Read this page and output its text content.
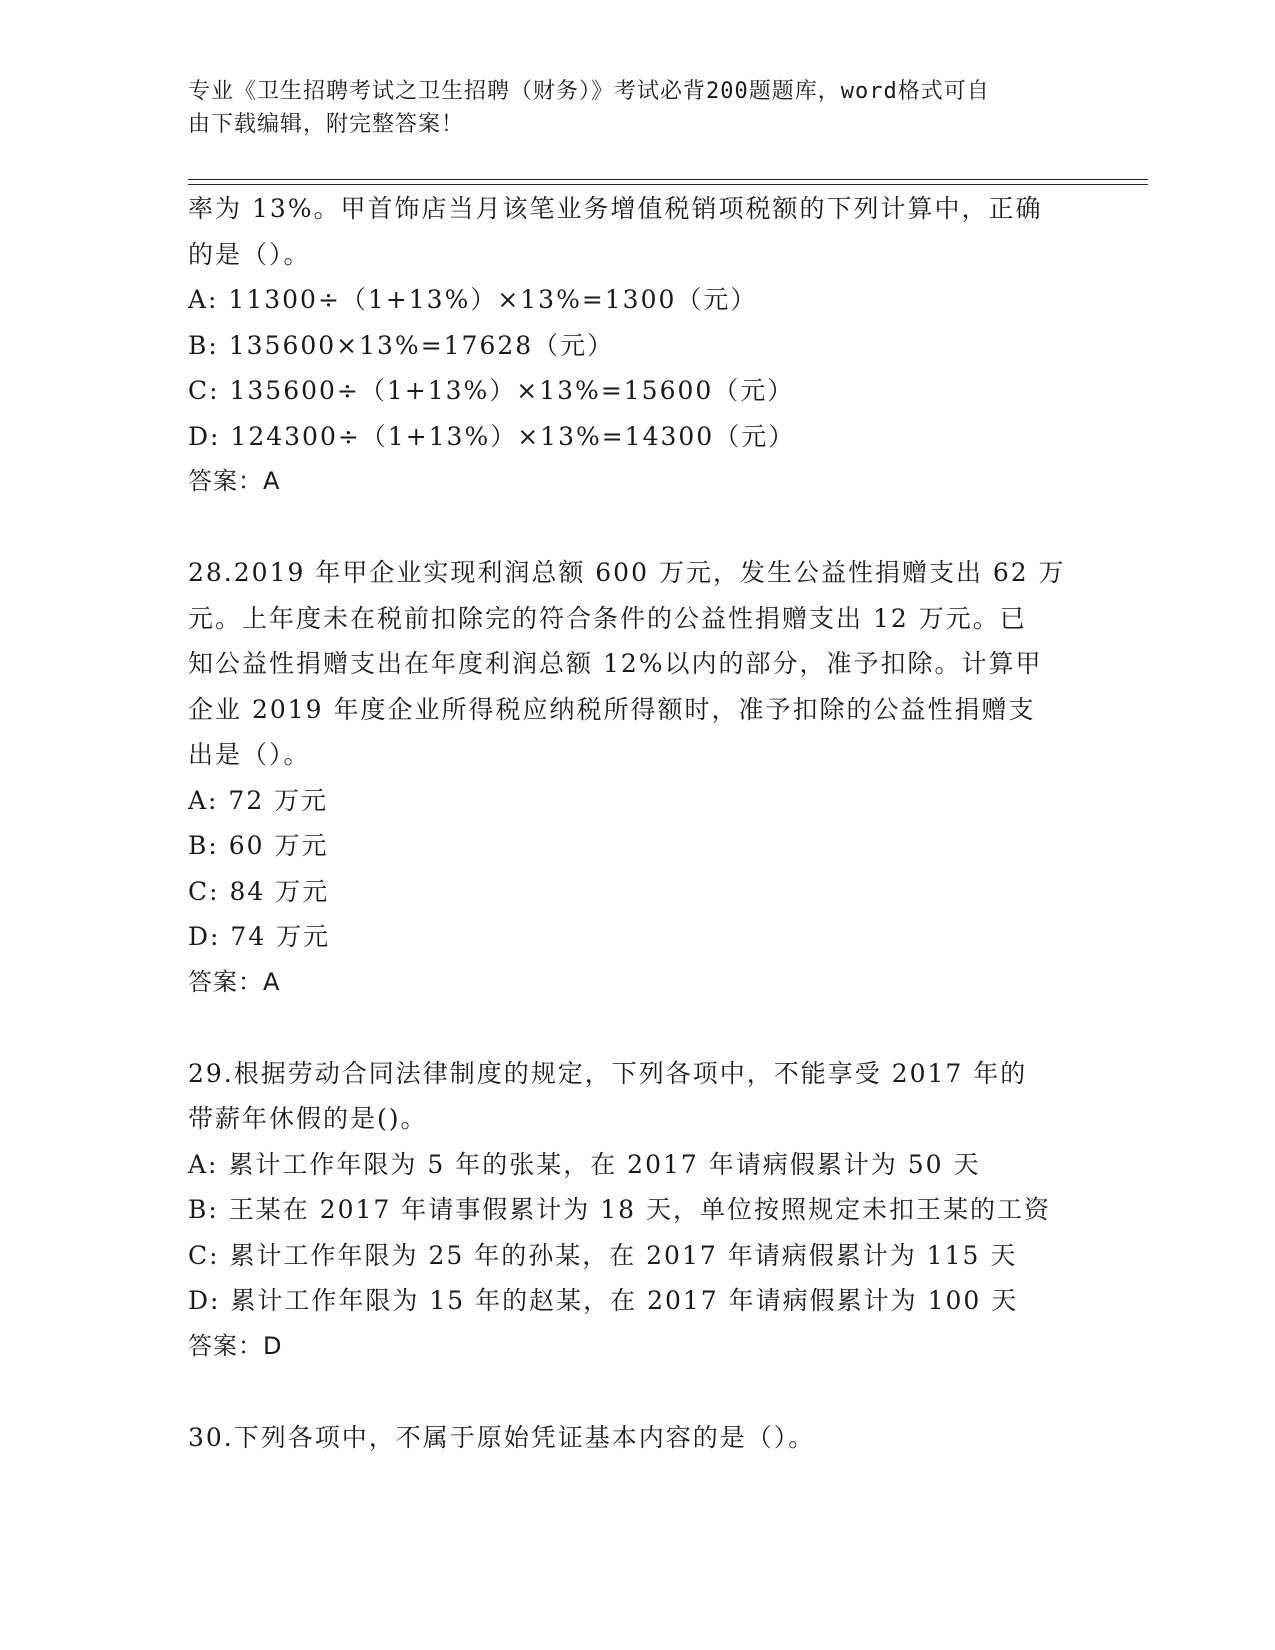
专业《卫生招聘考试之卫生招聘（财务）》考试必背200题题库，word格式可自
由下载编辑，附完整答案！
率为 13%。甲首饰店当月该笔业务增值税销项税额的下列计算中，正确
的是（）。
A: 11300÷（1+13%）×13%=1300（元）
B: 135600×13%=17628（元）
C: 135600÷（1+13%）×13%=15600（元）
D: 124300÷（1+13%）×13%=14300（元）
答案：A
28.2019 年甲企业实现利润总额 600 万元，发生公益性捐赠支出 62 万
元。上年度未在税前扣除完的符合条件的公益性捐赠支出 12 万元。已
知公益性捐赠支出在年度利润总额 12%以内的部分，准予扣除。计算甲
企业 2019 年度企业所得税应纳税所得额时，准予扣除的公益性捐赠支
出是（）。
A: 72 万元
B: 60 万元
C: 84 万元
D: 74 万元
答案：A
29.根据劳动合同法律制度的规定，下列各项中，不能享受 2017 年的
带薪年休假的是()。
A: 累计工作年限为 5 年的张某，在 2017 年请病假累计为 50 天
B: 王某在 2017 年请事假累计为 18 天，单位按照规定未扣王某的工资
C: 累计工作年限为 25 年的孙某，在 2017 年请病假累计为 115 天
D: 累计工作年限为 15 年的赵某，在 2017 年请病假累计为 100 天
答案：D
30.下列各项中，不属于原始凭证基本内容的是（）。
